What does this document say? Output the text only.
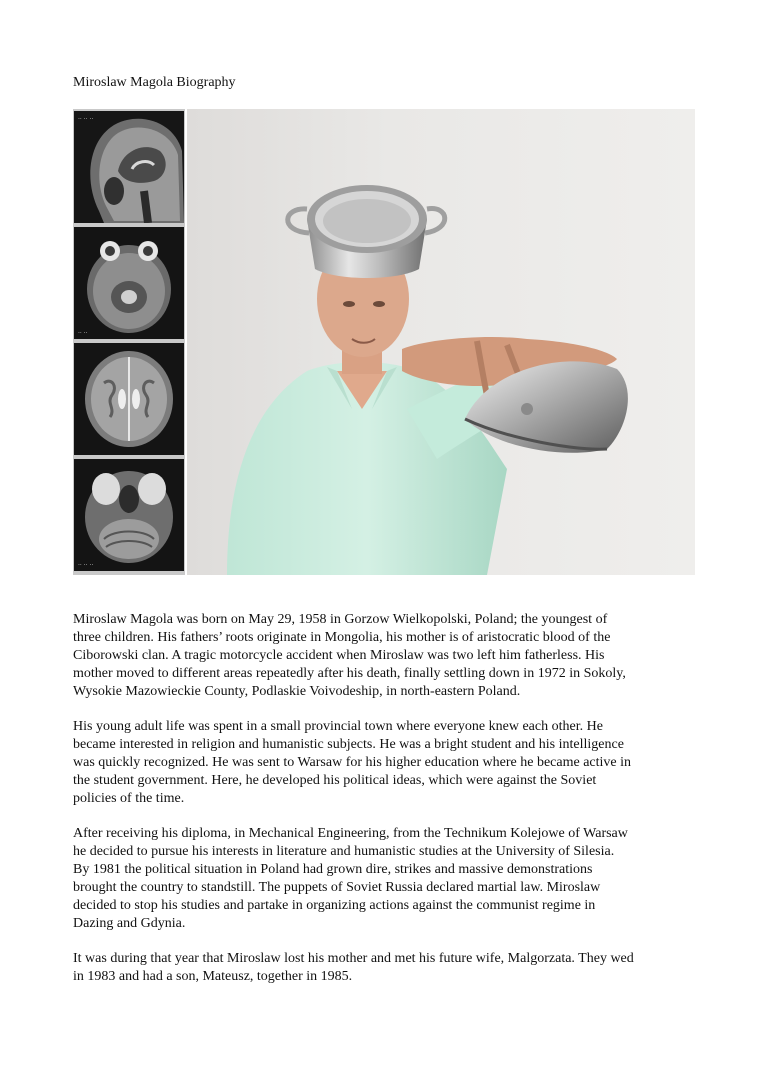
Miroslaw Magola Biography
·· ·· ··
·· ··
·· ·· ··

Miroslaw Magola was born on May 29, 1958 in Gorzow Wielkopolski, Poland; the youngest of
three children. His fathers’ roots originate in Mongolia, his mother is of aristocratic blood of the
Ciborowski clan. A tragic motorcycle accident when Miroslaw was two left him fatherless. His
mother moved to different areas repeatedly after his death, finally settling down in 1972 in Sokoly,
Wysokie Mazowieckie County, Podlaskie Voivodeship, in north-eastern Poland.

His young adult life was spent in a small provincial town where everyone knew each other. He
became interested in religion and humanistic subjects. He was a bright student and his intelligence
was quickly recognized. He was sent to Warsaw for his higher education where he became active in
the student government. Here, he developed his political ideas, which were against the Soviet
policies of the time.

After receiving his diploma, in Mechanical Engineering, from the Technikum Kolejowe of Warsaw
he decided to pursue his interests in literature and humanistic studies at the University of Silesia.
By 1981 the political situation in Poland had grown dire, strikes and massive demonstrations
brought the country to standstill. The puppets of Soviet Russia declared martial law. Miroslaw
decided to stop his studies and partake in organizing actions against the communist regime in
Dazing and Gdynia.

It was during that year that Miroslaw lost his mother and met his future wife, Malgorzata. They wed
in 1983 and had a son, Mateusz, together in 1985.
